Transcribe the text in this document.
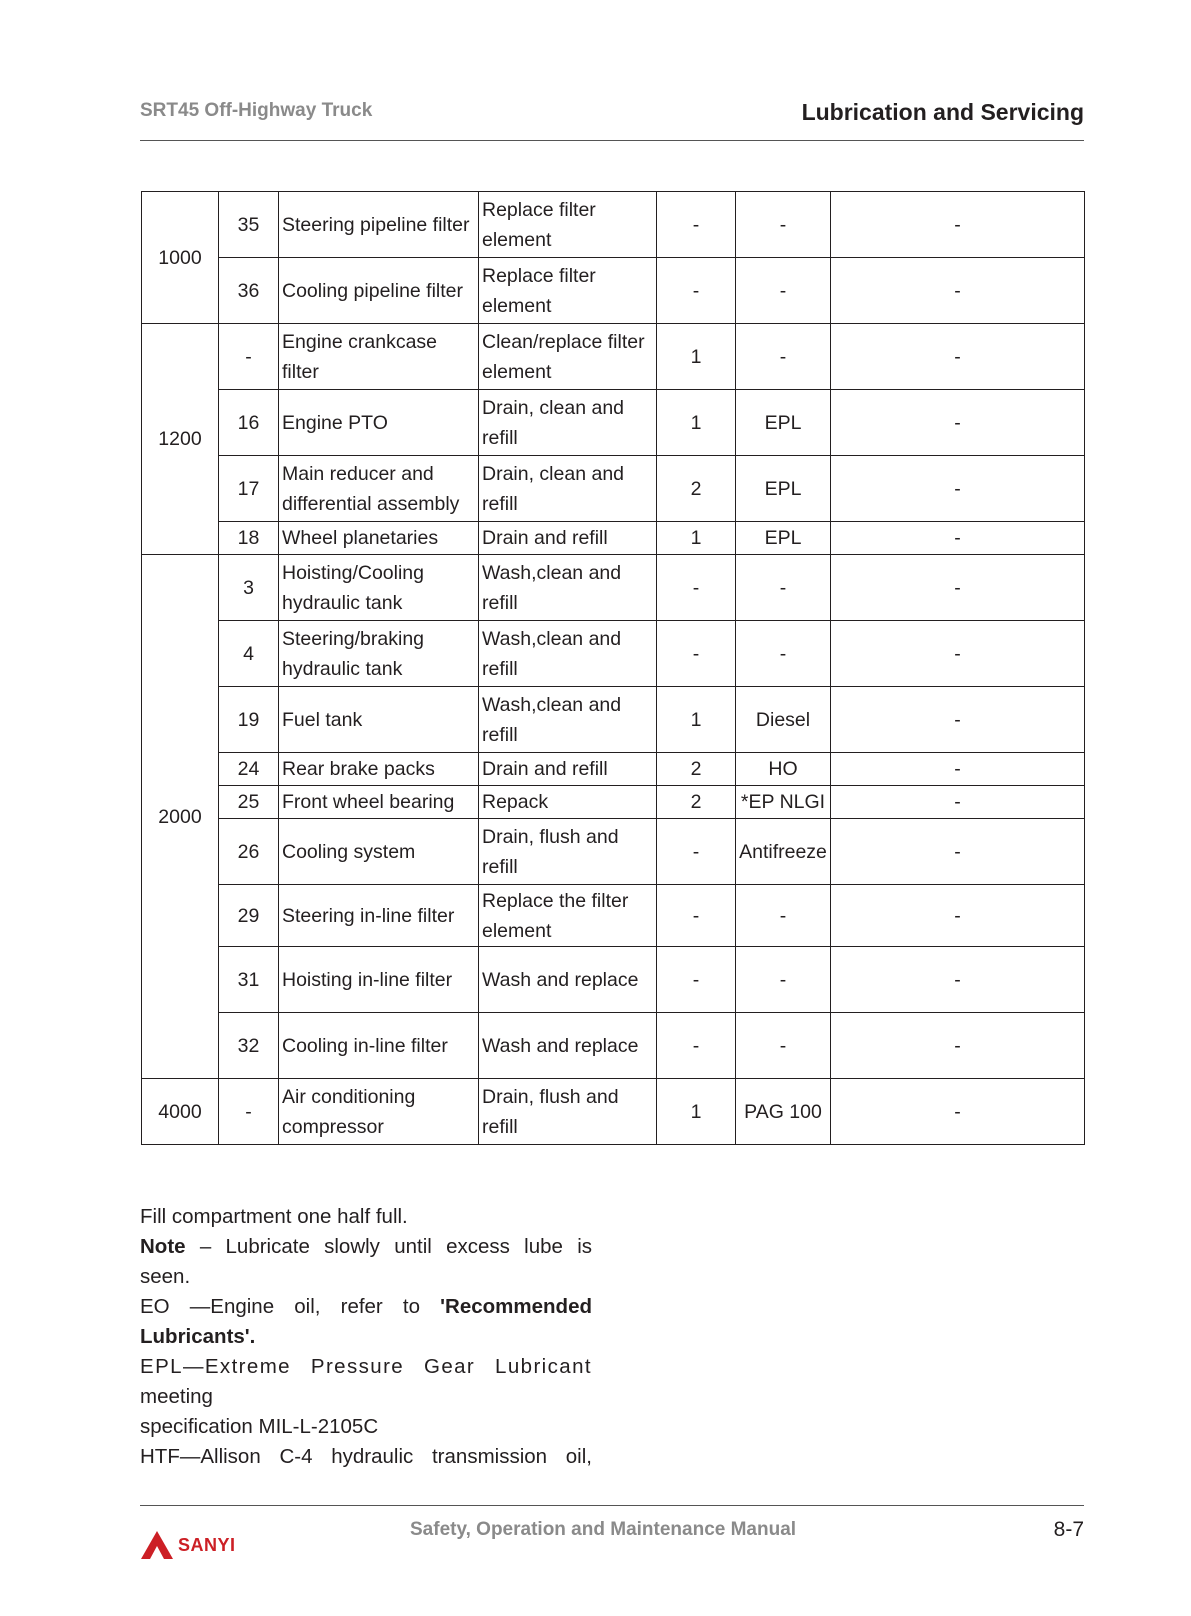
SRT45 Off-Highway Truck	Lubrication and Servicing
1000	35	Steering pipeline filter	Replace filter element	-	-	-
	36	Cooling pipeline filter	Replace filter element	-	-	-
1200	-	Engine crankcase filter	Clean/replace filter element	1	-	-
	16	Engine PTO	Drain, clean and refill	1	EPL	-
	17	Main reducer and differential assembly	Drain, clean and refill	2	EPL	-
	18	Wheel planetaries	Drain and refill	1	EPL	-
2000	3	Hoisting/Cooling hydraulic tank	Wash,clean and refill	-	-	-
	4	Steering/braking hydraulic tank	Wash,clean and refill	-	-	-
	19	Fuel tank	Wash,clean and refill	1	Diesel	-
	24	Rear brake packs	Drain and refill	2	HO	-
	25	Front wheel bearing	Repack	2	*EP NLGI	-
	26	Cooling system	Drain, flush and refill	-	Antifreeze	-
	29	Steering in-line filter	Replace the filter element	-	-	-
	31	Hoisting in-line filter	Wash and replace	-	-	-
	32	Cooling in-line filter	Wash and replace	-	-	-
4000	-	Air conditioning compressor	Drain, flush and refill	1	PAG 100	-

Fill compartment one half full.

Note – Lubricate slowly until excess lube is

seen.

EO —Engine oil, refer to 'Recommended

Lubricants'.

EPL—Extreme Pressure Gear Lubricant

meeting

specification MIL-L-2105C

HTF—Allison C-4 hydraulic transmission oil,

SANYI
Safety, Operation and Maintenance Manual	8-7
